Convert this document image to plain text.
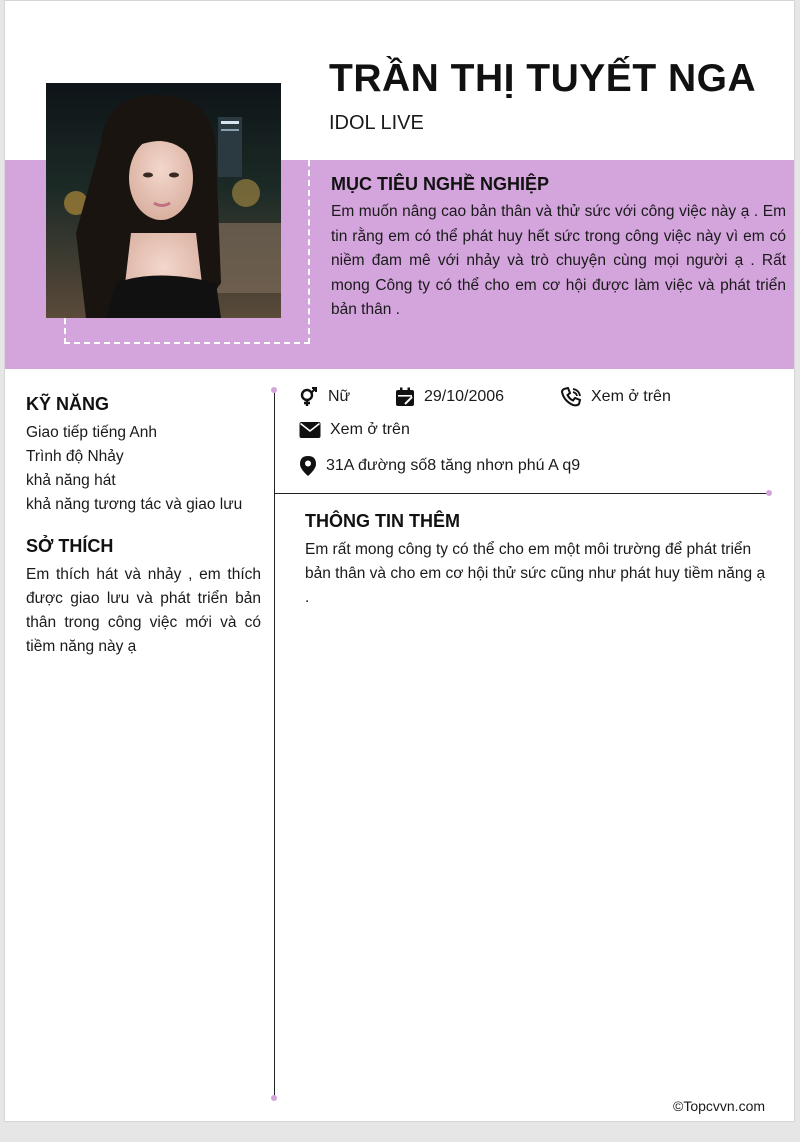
TRẦN THỊ TUYẾT NGA
IDOL LIVE
MỤC TIÊU NGHỀ NGHIỆP
Em muốn nâng cao bản thân và thử sức với công việc này ạ . Em tin rằng em có thể phát huy hết sức trong công việc này vì em có niềm đam mê với nhảy và trò chuyện cùng mọi người ạ . Rất mong Công ty có thể cho em cơ hội được làm việc và phát triển bản thân .
KỸ NĂNG
Giao tiếp tiếng Anh
Trình độ Nhảy
khả năng hát
khả năng tương tác và giao lưu
SỞ THÍCH
Em thích hát và nhảy , em thích được giao lưu và phát triển bản thân trong công việc mới và có tiềm năng này ạ
Nữ	29/10/2006	Xem ở trên
Xem ở trên
31A đường số8 tăng nhơn phú A q9
THÔNG TIN THÊM
Em rất mong công ty có thể cho em một môi trường để phát triển bản thân và cho em cơ hội thử sức cũng như phát huy tiềm năng ạ .
©Topcvvn.com
